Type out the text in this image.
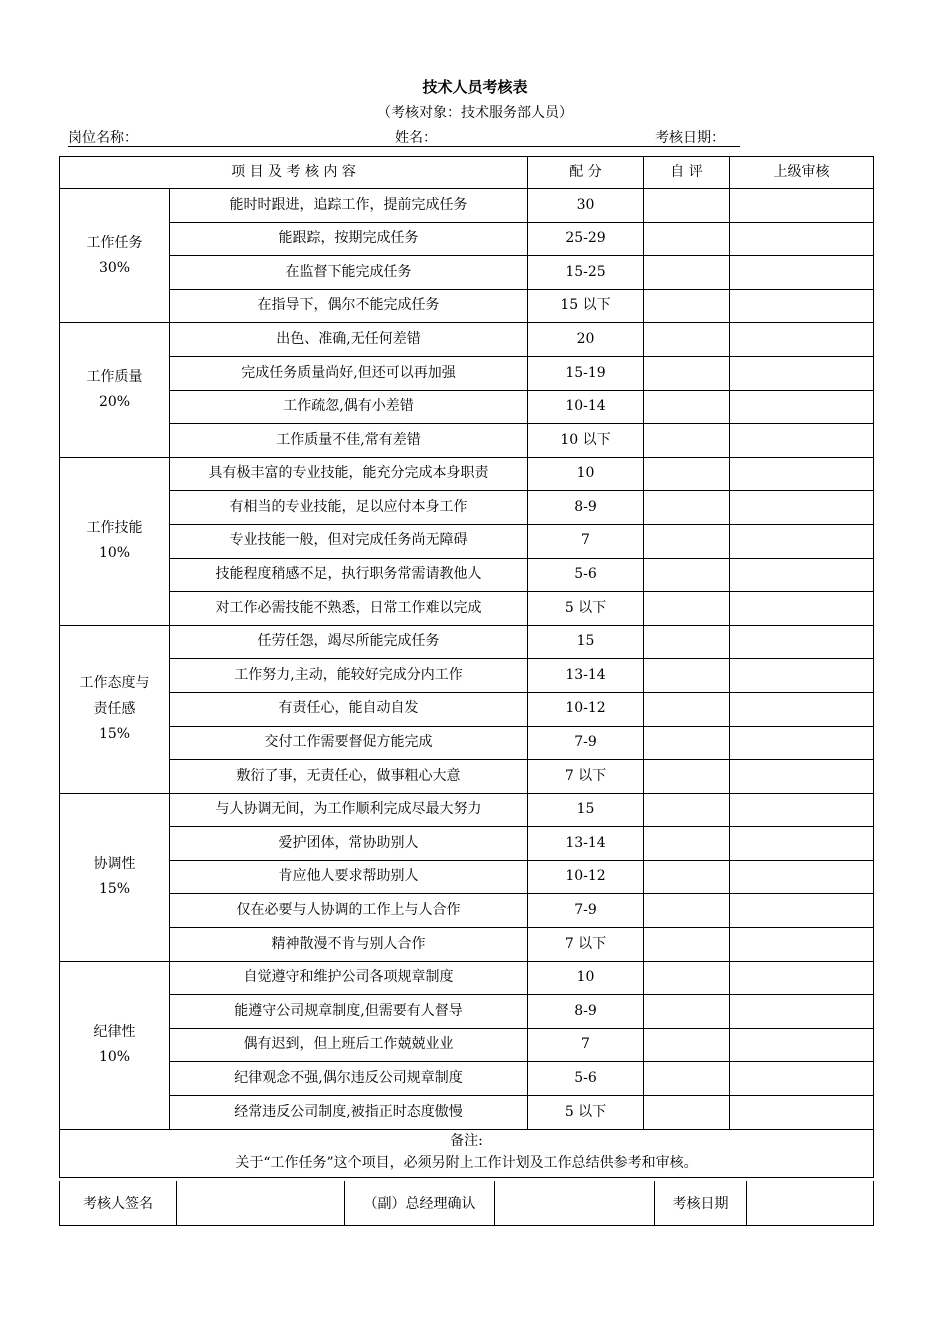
技术人员考核表
（考核对象：技术服务部人员）
岗位名称：	姓名：	考核日期：
项 目 及 考 核 内 容		配 分	自 评	上级审核

工作任务
30%	能时时跟进，追踪工作，提前完成任务	30		
	能跟踪，按期完成任务	25-29		
	在监督下能完成任务	15-25		
	在指导下，偶尔不能完成任务	15 以下		

工作质量
20%	出色、准确,无任何差错	20		
	完成任务质量尚好,但还可以再加强	15-19		
	工作疏忽,偶有小差错	10-14		
	工作质量不佳,常有差错	10 以下		

工作技能
10%	具有极丰富的专业技能，能充分完成本身职责	10		
	有相当的专业技能，足以应付本身工作	8-9		
	专业技能一般，但对完成任务尚无障碍	7		
	技能程度稍感不足，执行职务常需请教他人	5-6		
	对工作必需技能不熟悉，日常工作难以完成	5 以下		

工作态度与
责任感
15%	任劳任怨，竭尽所能完成任务	15		
	工作努力,主动，能较好完成分内工作	13-14		
	有责任心，能自动自发	10-12		
	交付工作需要督促方能完成	7-9		
	敷衍了事，无责任心，做事粗心大意	7 以下		

协调性
15%	与人协调无间，为工作顺利完成尽最大努力	15		
	爱护团体，常协助别人	13-14		
	肯应他人要求帮助别人	10-12		
	仅在必要与人协调的工作上与人合作	7-9		
	精神散漫不肯与别人合作	7 以下		

纪律性
10%	自觉遵守和维护公司各项规章制度	10		
	能遵守公司规章制度,但需要有人督导	8-9		
	偶有迟到，但上班后工作兢兢业业	7		
	纪律观念不强,偶尔违反公司规章制度	5-6		
	经常违反公司制度,被指正时态度傲慢	5 以下		

备注:
关于“工作任务”这个项目，必须另附上工作计划及工作总结供参考和审核。				
考核人签名		（副）总经理确认		考核日期	
